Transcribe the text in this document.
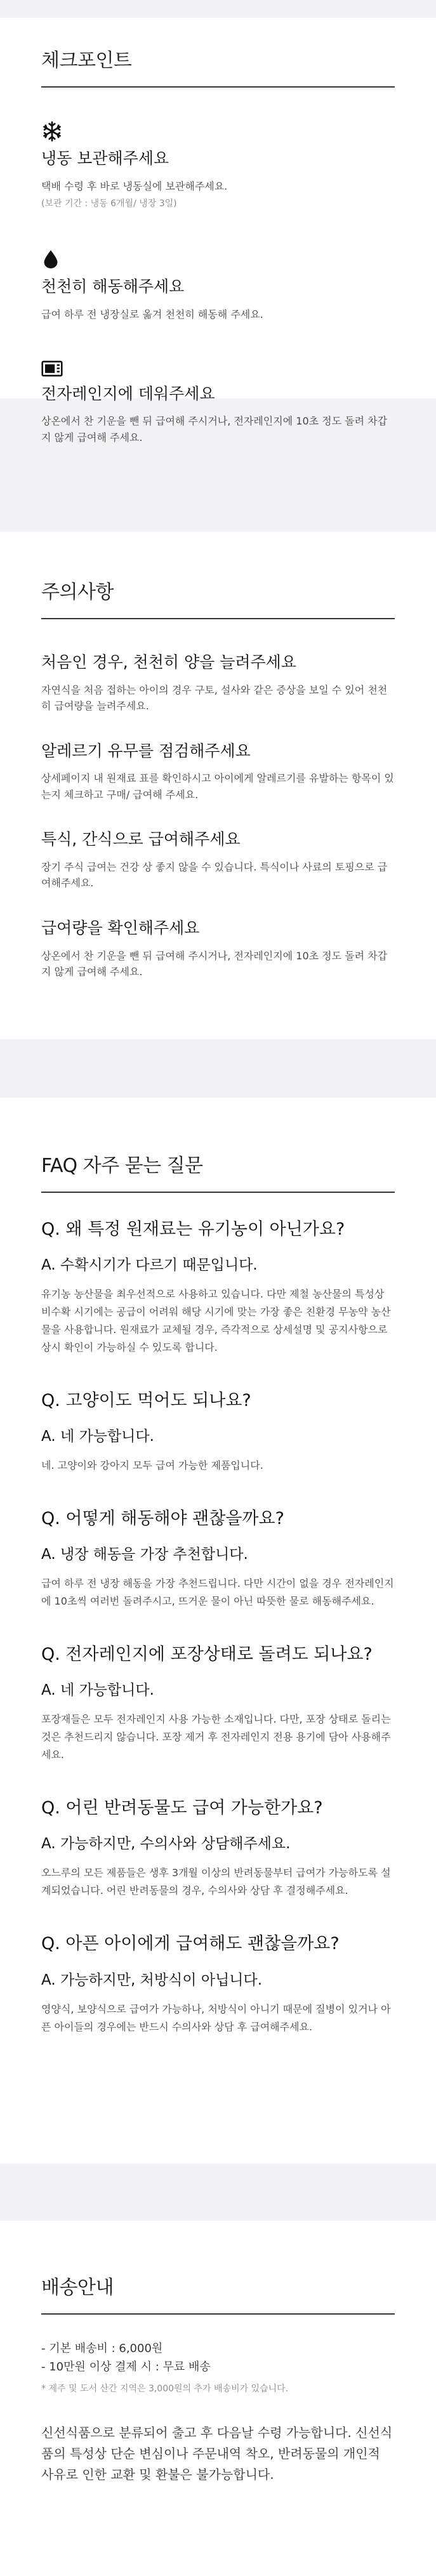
체크포인트
냉동 보관해주세요
택배 수령 후 바로 냉동실에 보관해주세요.
(보관 기간 : 냉동 6개월/ 냉장 3일)
천천히 해동해주세요
급여 하루 전 냉장실로 옮겨 천천히 해동해 주세요.
전자레인지에 데워주세요
상온에서 찬 기운을 뺀 뒤 급여해 주시거나, 전자레인지에 10초 정도 돌려 차갑지 않게 급여해 주세요.
주의사항
처음인 경우, 천천히 양을 늘려주세요
자연식을 처음 접하는 아이의 경우 구토, 설사와 같은 증상을 보일 수 있어 천천히 급여량을 늘려주세요.
알레르기 유무를 점검해주세요
상세페이지 내 원재료 표를 확인하시고 아이에게 알레르기를 유발하는 항목이 있는지 체크하고 구매/ 급여해 주세요.
특식, 간식으로 급여해주세요
장기 주식 급여는 건강 상 좋지 않을 수 있습니다. 특식이나 사료의 토핑으로 급여해주세요.
급여량을 확인해주세요
상온에서 찬 기운을 뺀 뒤 급여해 주시거나, 전자레인지에 10초 정도 돌려 차갑지 않게 급여해 주세요.
FAQ 자주 묻는 질문
Q. 왜 특정 원재료는 유기농이 아닌가요?
A. 수확시기가 다르기 때문입니다.
유기농 농산물을 최우선적으로 사용하고 있습니다. 다만 제철 농산물의 특성상 비수확 시기에는 공급이 어려워 해당 시기에 맞는 가장 좋은 친환경 무농약 농산물을 사용합니다. 원재료가 교체될 경우, 즉각적으로 상세설명 및 공지사항으로 상시 확인이 가능하실 수 있도록 합니다.
Q. 고양이도 먹어도 되나요?
A. 네 가능합니다.
네. 고양이와 강아지 모두 급여 가능한 제품입니다.
Q. 어떻게 해동해야 괜찮을까요?
A. 냉장 해동을 가장 추천합니다.
급여 하루 전 냉장 해동을 가장 추천드립니다. 다만 시간이 없을 경우 전자레인지에 10초씩 여러번 돌려주시고, 뜨거운 물이 아닌 따뜻한 물로 해동해주세요.
Q. 전자레인지에 포장상태로 돌려도 되나요?
A. 네 가능합니다.
포장재들은 모두 전자레인지 사용 가능한 소재입니다. 다만, 포장 상태로 돌리는 것은 추천드리지 않습니다. 포장 제거 후 전자레인지 전용 용기에 담아 사용해주세요.
Q. 어린 반려동물도 급여 가능한가요?
A. 가능하지만, 수의사와 상담해주세요.
오느루의 모든 제품들은 생후 3개월 이상의 반려동물부터 급여가 가능하도록 설계되었습니다. 어린 반려동물의 경우, 수의사와 상담 후 결정해주세요.
Q. 아픈 아이에게 급여해도 괜찮을까요?
A. 가능하지만, 처방식이 아닙니다.
영양식, 보양식으로 급여가 가능하나, 처방식이 아니기 때문에 질병이 있거나 아픈 아이들의 경우에는 반드시 수의사와 상담 후 급여해주세요.
배송안내
- 기본 배송비 : 6,000원
- 10만원 이상 결제 시 : 무료 배송
* 제주 및 도서 산간 지역은 3,000원의 추가 배송비가 있습니다.
신선식품으로 분류되어 출고 후 다음날 수령 가능합니다. 신선식품의 특성상 단순 변심이나 주문내역 착오, 반려동물의 개인적 사유로 인한 교환 및 환불은 불가능합니다.
